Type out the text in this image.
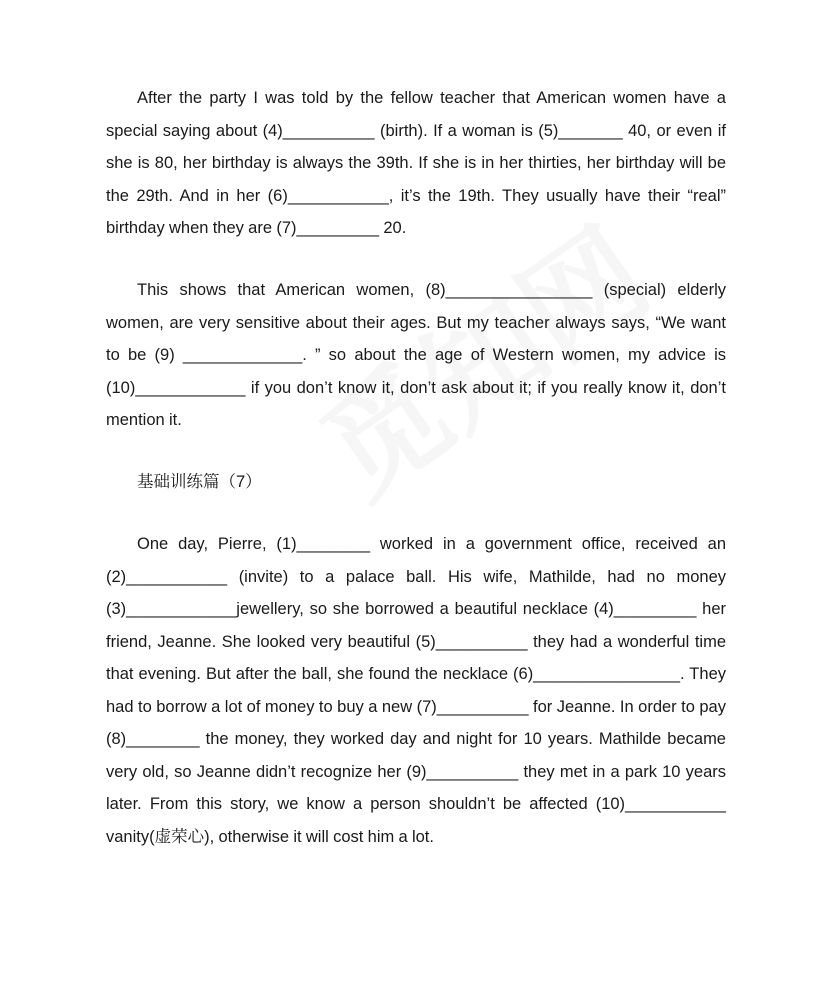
After the party I was told by the fellow teacher that American women have a special saying about (4)__________ (birth). If a woman is (5)_______ 40, or even if she is 80, her birthday is always the 39th. If she is in her thirties, her birthday will be the 29th. And in her (6)___________, it’s the 19th. They usually have their “real” birthday when they are (7)_________ 20.

This shows that American women, (8)________________ (special) elderly women, are very sensitive about their ages. But my teacher always says, “We want to be (9) _____________. ” so about the age of Western women, my advice is (10)____________ if you don’t know it, don’t ask about it; if you really know it, don’t mention it.

基础训练篇（7）

One day, Pierre, (1)________ worked in a government office, received an (2)___________ (invite) to a palace ball. His wife, Mathilde, had no money (3)____________jewellery, so she borrowed a beautiful necklace (4)_________ her friend, Jeanne. She looked very beautiful (5)__________ they had a wonderful time that evening. But after the ball, she found the necklace (6)________________. They had to borrow a lot of money to buy a new (7)__________ for Jeanne. In order to pay (8)________ the money, they worked day and night for 10 years. Mathilde became very old, so Jeanne didn’t recognize her (9)__________ they met in a park 10 years later. From this story, we know a person shouldn’t be affected (10)___________ vanity(虚荣心), otherwise it will cost him a lot.
